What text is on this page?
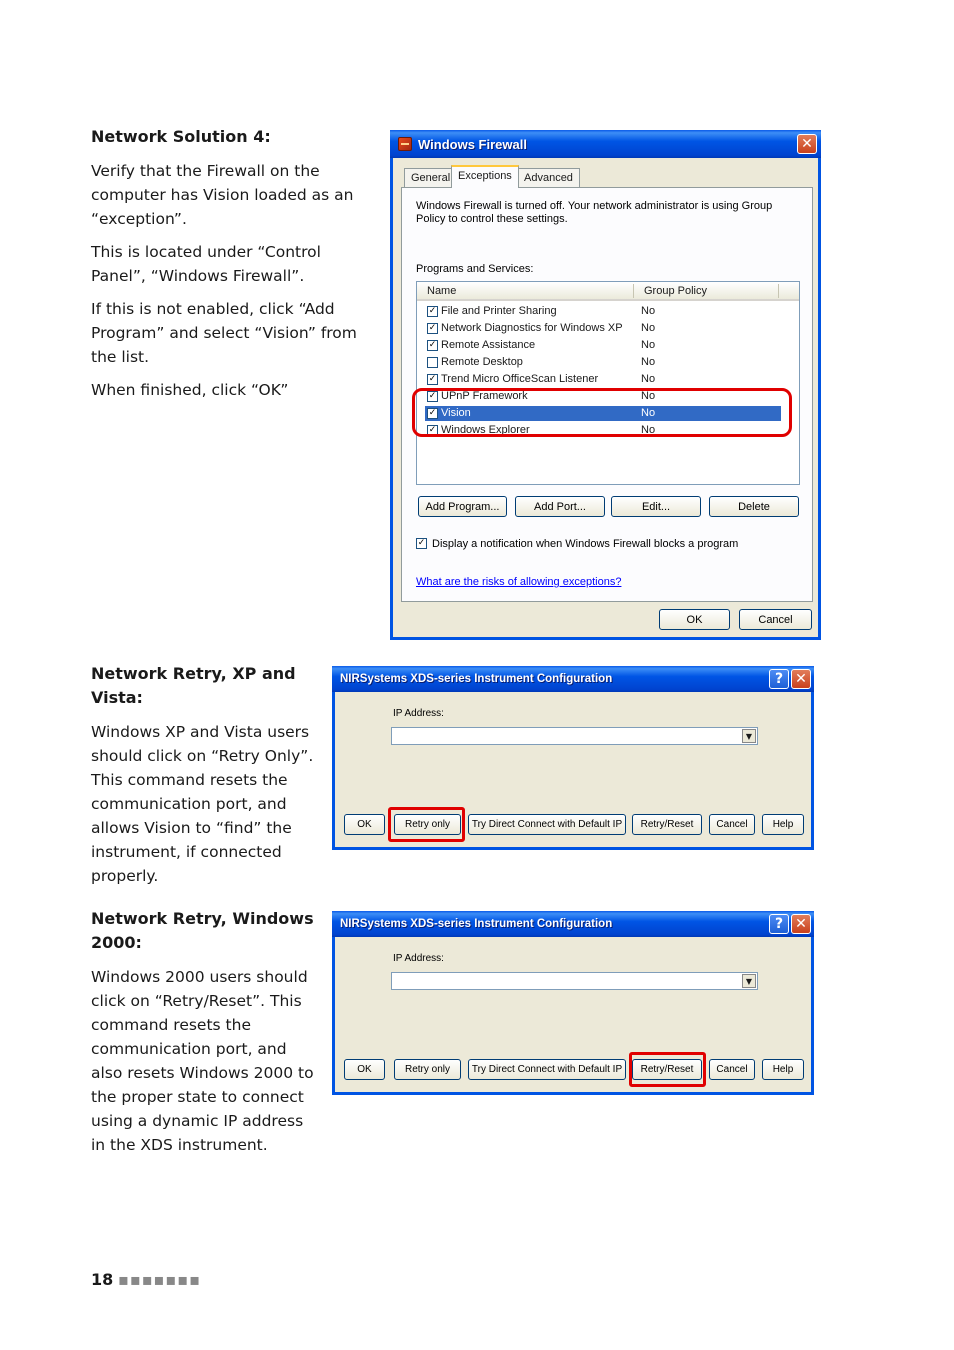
Network Solution 4:

Verify that the Firewall on the computer has Vision loaded as an “exception”.

This is located under “Control Panel”, “Windows Firewall”.

If this is not enabled, click “Add Program” and select “Vision” from the list.

When finished, click “OK”

Windows Firewall	✕
General Exceptions	Advanced
Windows Firewall is turned off. Your network administrator is using Group Policy to control these settings.
Programs and Services:
Name	Group Policy
✓
File and Printer Sharing	No
✓
Network Diagnostics for Windows XP No
✓
Remote Assistance	No
Remote Desktop	No
✓
Trend Micro OfficeScan Listener	No
✓
UPnP Framework	No
✓
Vision	No
✓
Windows Explorer	No
Add Program...	Add Port...	Edit...	Delete
✓
Display a notification when Windows Firewall blocks a program
What are the risks of allowing exceptions?
OK	Cancel
Network Retry, XP and Vista:

Windows XP and Vista users should click on “Retry Only”. This command resets the communication port, and allows Vision to “find” the instrument, if connected properly.

NIRSystems XDS-series Instrument Configuration	? ✕
IP Address:
▼
OK	Retry only	Try Direct Connect with Default IP	Retry/Reset	Cancel	Help
Network Retry, Windows 2000:

Windows 2000 users should click on “Retry/Reset”. This command resets the communication port, and also resets Windows 2000 to the proper state to connect using a dynamic IP address in the XDS instrument.

NIRSystems XDS-series Instrument Configuration	? ✕
IP Address:
▼
OK	Retry only	Try Direct Connect with Default IP	Retry/Reset	Cancel	Help
18 ▪▪▪▪▪▪▪
